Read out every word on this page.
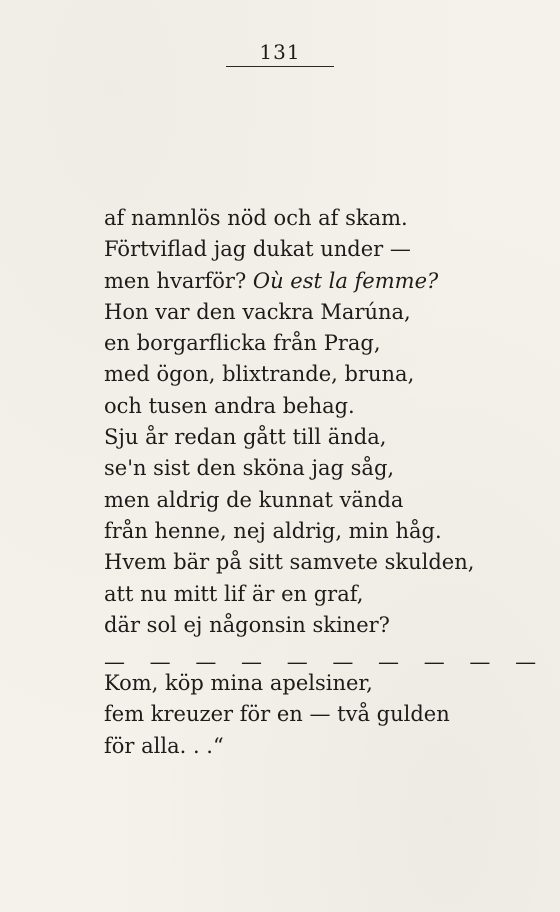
131
af namnlös nöd och af skam.
Förtviflad jag dukat under —
men hvarför? Où est la femme?
Hon var den vackra Marúna,
en borgarflicka från Prag,
med ögon, blixtrande, bruna,
och tusen andra behag.
Sju år redan gått till ända,
se'n sist den sköna jag såg,
men aldrig de kunnat vända
från henne, nej aldrig, min håg.
Hvem bär på sitt samvete skulden,
att nu mitt lif är en graf,
där sol ej någonsin skiner?
— — — — — — — — — —
Kom, köp mina apelsiner,
fem kreuzer för en — två gulden
för alla. . .“
